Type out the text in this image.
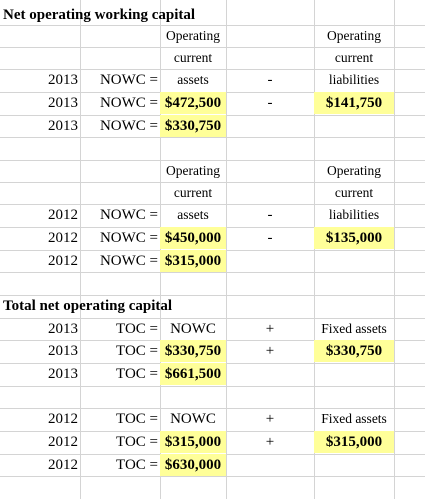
Net operating working capital
Operating	Operating
current	current
2013	NOWC =	assets	-	liabilities
2013	NOWC = $472,500	-	$141,750
2013	NOWC = $330,750
Operating	Operating
current	current
2012	NOWC =	assets	-	liabilities
2012	NOWC = $450,000	-	$135,000
2012	NOWC = $315,000
Total net operating capital
2013	TOC = NOWC	+	Fixed assets
2013	TOC = $330,750	+	$330,750
2013	TOC = $661,500
2012	TOC = NOWC	+	Fixed assets
2012	TOC = $315,000	+	$315,000
2012	TOC = $630,000
